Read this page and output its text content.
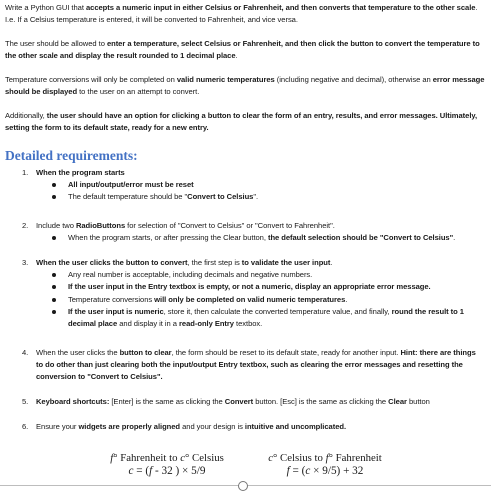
Write a Python GUI that accepts a numeric input in either Celsius or Fahrenheit, and then converts that temperature to the other scale. I.e. If a Celsius temperature is entered, it will be converted to Fahrenheit, and vice versa.

The user should be allowed to enter a temperature, select Celsius or Fahrenheit, and then click the button to convert the temperature to the other scale and display the result rounded to 1 decimal place.

Temperature conversions will only be completed on valid numeric temperatures (including negative and decimal), otherwise an error message should be displayed to the user on an attempt to convert.

Additionally, the user should have an option for clicking a button to clear the form of an entry, results, and error messages. Ultimately, setting the form to its default state, ready for a new entry.

Detailed requirements:
1.	When the program starts
All input/output/error must be reset
The default temperature should be "Convert to Celsius".
2.	Include two RadioButtons for selection of "Convert to Celsius" or "Convert to Fahrenheit".
When the program starts, or after pressing the Clear button, the default selection should be "Convert to Celsius".
3.	When the user clicks the button to convert, the first step is to validate the user input.
Any real number is acceptable, including decimals and negative numbers.
If the user input in the Entry textbox is empty, or not a numeric, display an appropriate error message.
Temperature conversions will only be completed on valid numeric temperatures.
If the user input is numeric, store it, then calculate the converted temperature value, and finally, round the result to 1 decimal place and display it in a read-only Entry textbox.
4.	When the user clicks the button to clear, the form should be reset to its default state, ready for another input. Hint: there are things to do other than just clearing both the input/output Entry textbox, such as clearing the error messages and resetting the conversion to "Convert to Celsius".
5.	Keyboard shortcuts: [Enter] is the same as clicking the Convert button. [Esc] is the same as clicking the Clear button
6.	Ensure your widgets are properly aligned and your design is intuitive and uncomplicated.
f° Fahrenheit to c° Celsius
c = (f - 32 ) × 5/9
c° Celsius to f° Fahrenheit
f = (c × 9/5) + 32
